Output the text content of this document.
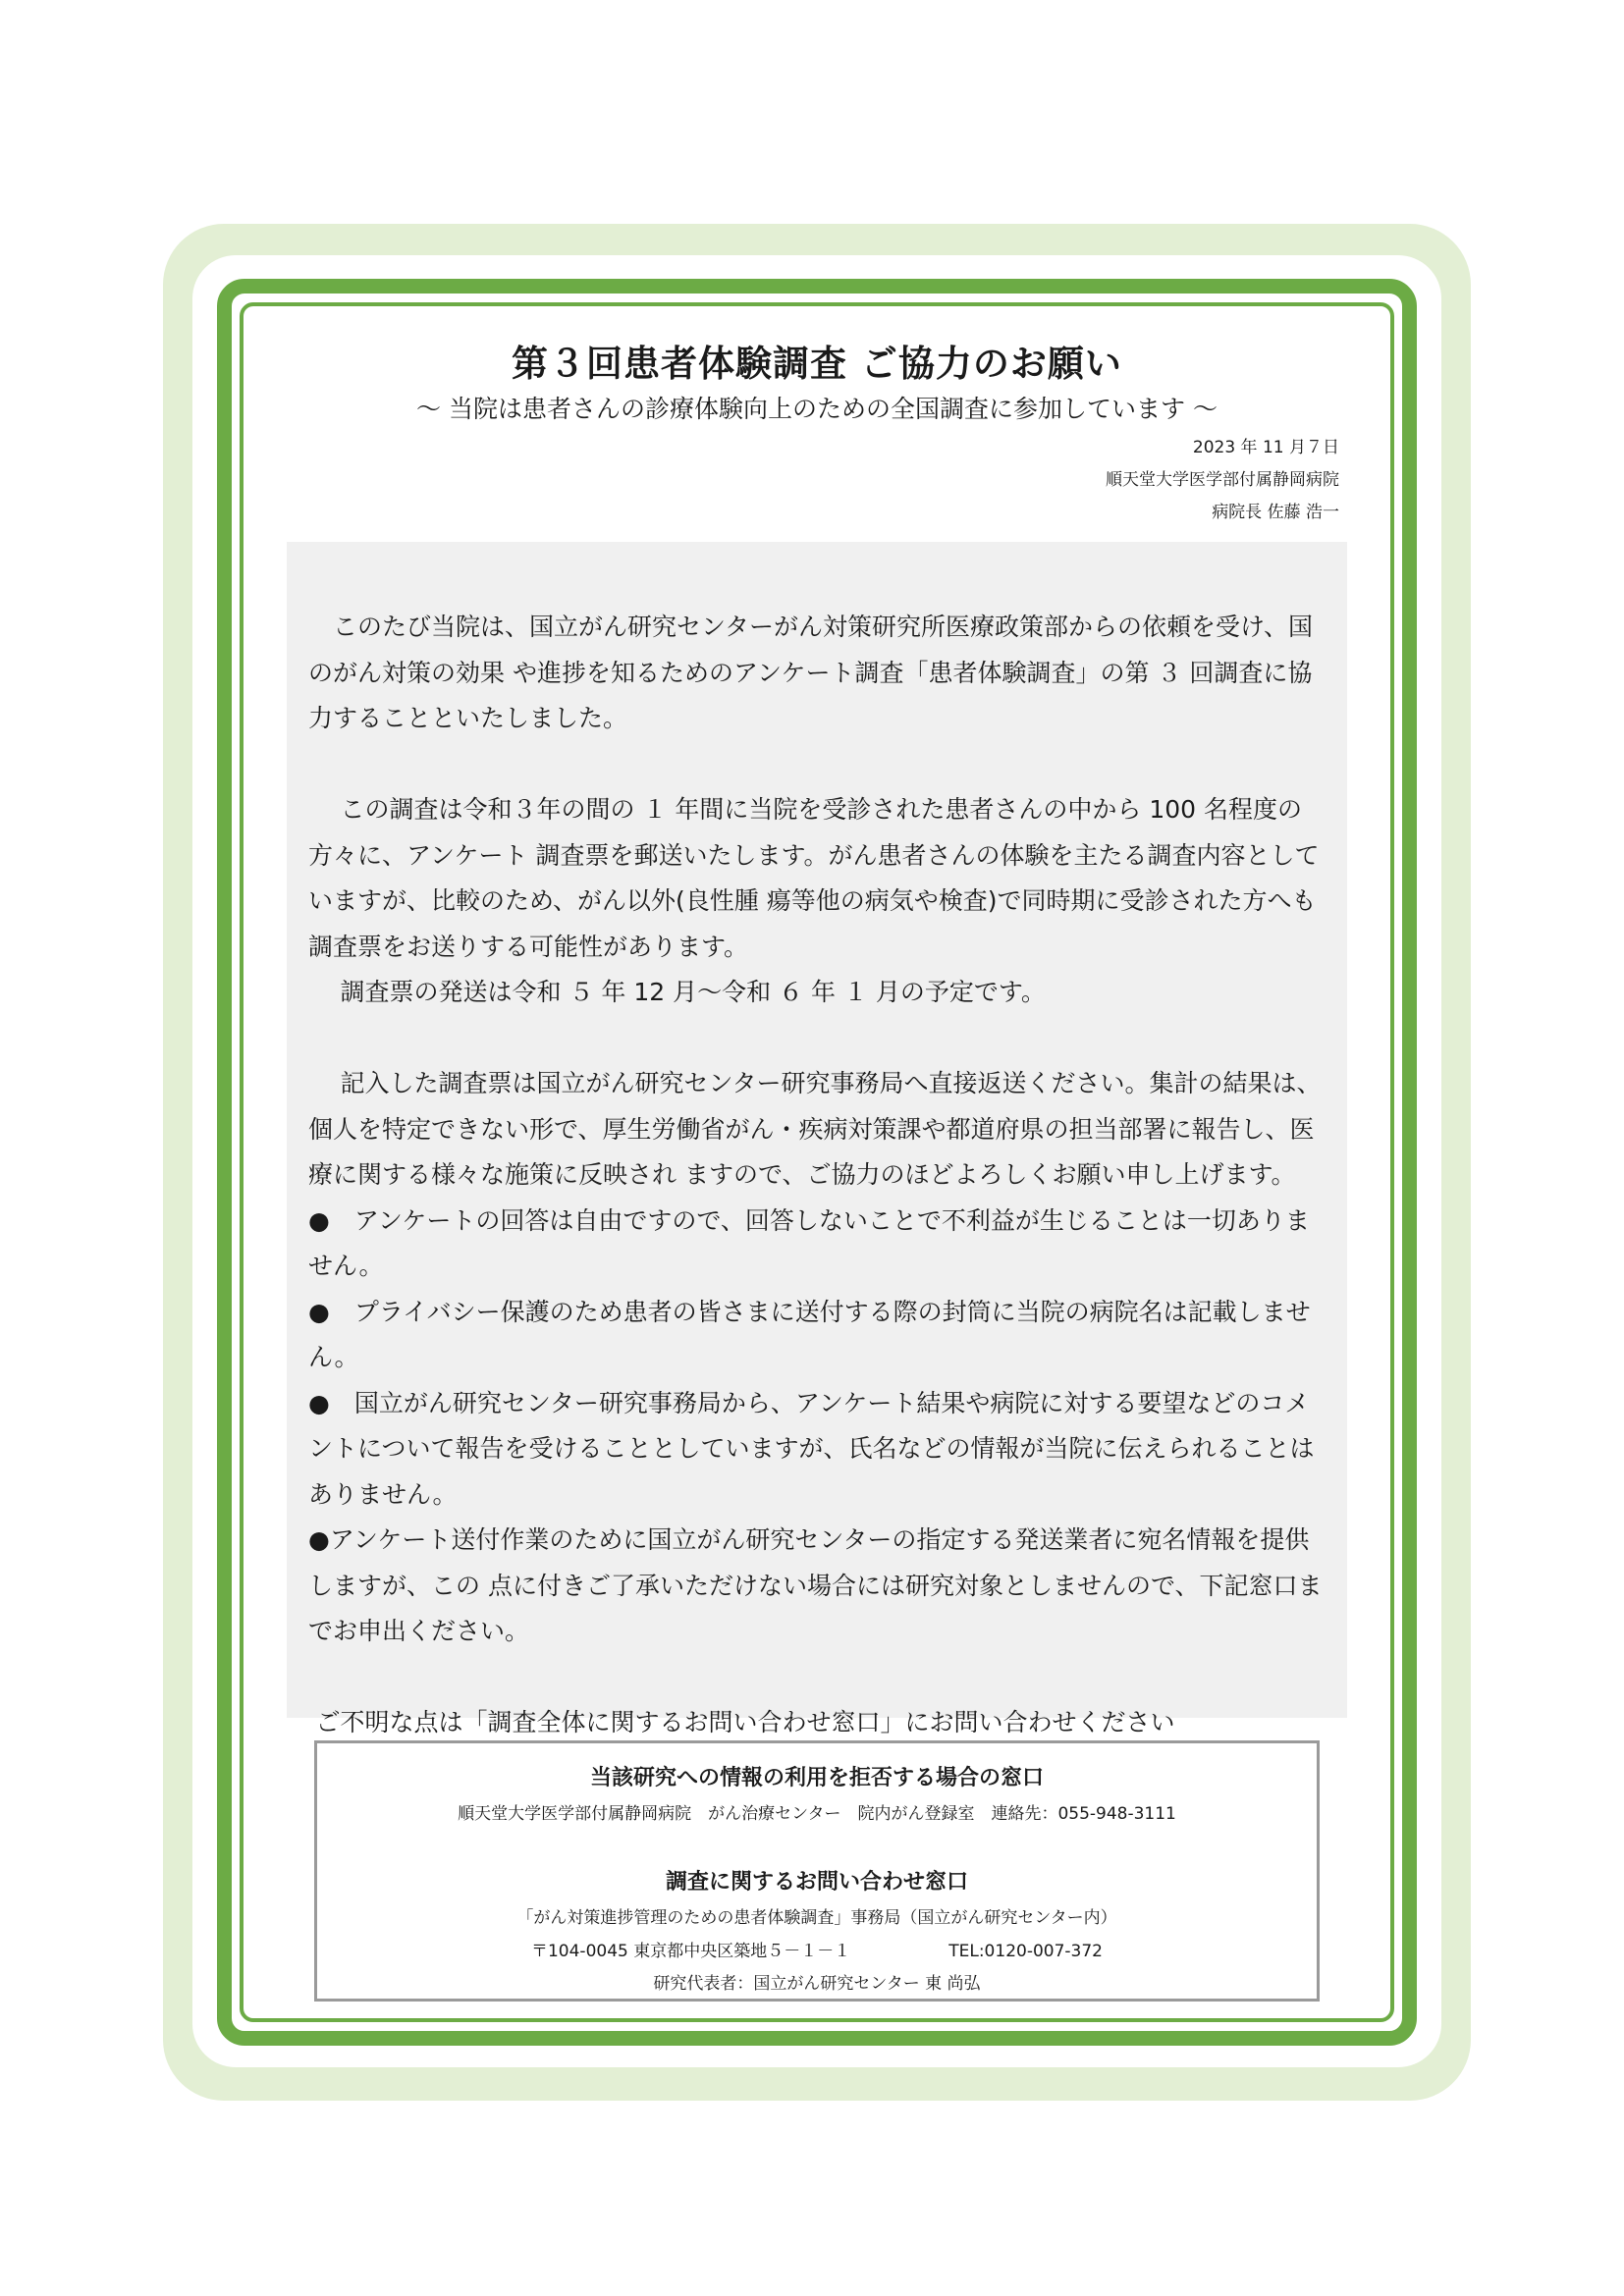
第３回患者体験調査 ご協力のお願い
～ 当院は患者さんの診療体験向上のための全国調査に参加しています ～
2023 年 11 月７日
順天堂大学医学部付属静岡病院
病院長 佐藤 浩一

このたび当院は、国立がん研究センターがん対策研究所医療政策部からの依頼を受け、国のがん対策の効果 や進捗を知るためのアンケート調査「患者体験調査」の第 ３ 回調査に協力することといたしました。

この調査は令和３年の間の １ 年間に当院を受診された患者さんの中から 100 名程度の方々に、アンケート 調査票を郵送いたします。がん患者さんの体験を主たる調査内容としていますが、比較のため、がん以外(良性腫 瘍等他の病気や検査)で同時期に受診された方へも調査票をお送りする可能性があります。

調査票の発送は令和 ５ 年 12 月～令和 ６ 年 １ 月の予定です。

記入した調査票は国立がん研究センター研究事務局へ直接返送ください。集計の結果は、個人を特定できない形で、厚生労働省がん・疾病対策課や都道府県の担当部署に報告し、医療に関する様々な施策に反映され ますので、ご協力のほどよろしくお願い申し上げます。

●　アンケートの回答は自由ですので、回答しないことで不利益が生じることは一切ありません。

●　プライバシー保護のため患者の皆さまに送付する際の封筒に当院の病院名は記載しません。

●　国立がん研究センター研究事務局から、アンケート結果や病院に対する要望などのコメントについて報告を受けることとしていますが、氏名などの情報が当院に伝えられることはありません。

●アンケート送付作業のために国立がん研究センターの指定する発送業者に宛名情報を提供しますが、この 点に付きご了承いただけない場合には研究対象としませんので、下記窓口までお申出ください。

ご不明な点は「調査全体に関するお問い合わせ窓口」にお問い合わせください

当該研究への情報の利用を拒否する場合の窓口
順天堂大学医学部付属静岡病院　がん治療センター　院内がん登録室　連絡先：055-948-3111
調査に関するお問い合わせ窓口
「がん対策進捗管理のための患者体験調査」事務局（国立がん研究センター内）
〒104-0045 東京都中央区築地５－１－１	TEL:0120-007-372
研究代表者：国立がん研究センター 東 尚弘
